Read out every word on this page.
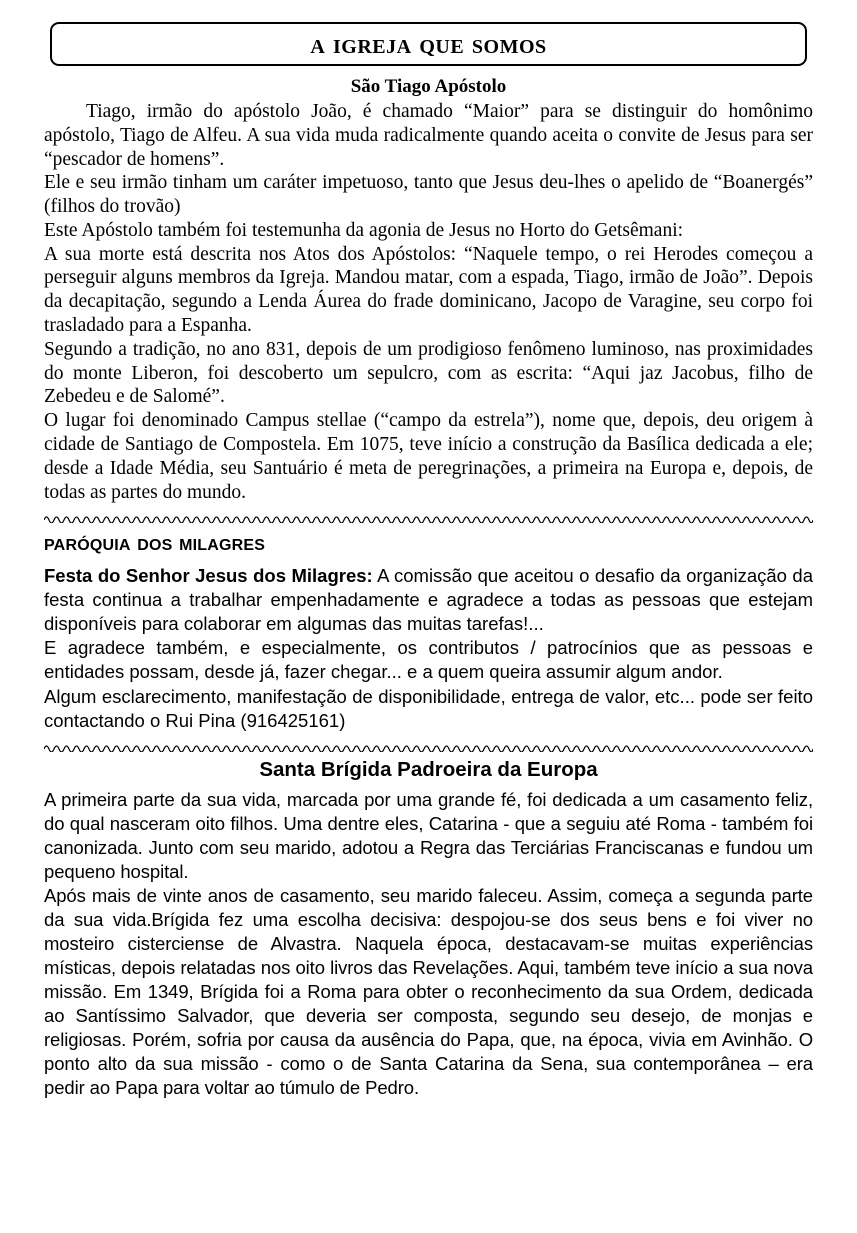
a igreja que somos
São Tiago Apóstolo

Tiago, irmão do apóstolo João, é chamado “Maior” para se distinguir do homônimo apóstolo, Tiago de Alfeu. A sua vida muda radicalmente quando aceita o convite de Jesus para ser “pescador de homens”.

Ele e seu irmão tinham um caráter impetuoso, tanto que Jesus deu-lhes o apelido de “Boanergés” (filhos do trovão)

Este Apóstolo também foi testemunha da agonia de Jesus no Horto do Getsêmani:

A sua morte está descrita nos Atos dos Apóstolos: “Naquele tempo, o rei Herodes começou a perseguir alguns membros da Igreja. Mandou matar, com a espada, Tiago, irmão de João”. Depois da decapitação, segundo a Lenda Áurea do frade dominicano, Jacopo de Varagine, seu corpo foi trasladado para a Espanha.

Segundo a tradição, no ano 831, depois de um prodigioso fenômeno luminoso, nas proximidades do monte Liberon, foi descoberto um sepulcro, com as escrita: “Aqui jaz Jacobus, filho de Zebedeu e de Salomé”.

O lugar foi denominado Campus stellae (“campo da estrela”), nome que, depois, deu origem à cidade de Santiago de Compostela. Em 1075, teve início a construção da Basílica dedicada a ele; desde a Idade Média, seu Santuário é meta de peregrinações, a primeira na Europa e, depois, de todas as partes do mundo.

paróquia dos milagres

Festa do Senhor Jesus dos Milagres: A comissão que aceitou o desafio da organização da festa continua a trabalhar empenhadamente e agradece a todas as pessoas que estejam disponíveis para colaborar em algumas das muitas tarefas!...

E agradece também, e especialmente, os contributos / patrocínios que as pessoas e entidades possam, desde já, fazer chegar... e a quem queira assumir algum andor.

Algum esclarecimento, manifestação de disponibilidade, entrega de valor, etc... pode ser feito contactando o Rui Pina (916425161)

Santa Brígida Padroeira da Europa

A primeira parte da sua vida, marcada por uma grande fé, foi dedicada a um casamento feliz, do qual nasceram oito filhos. Uma dentre eles, Catarina - que a seguiu até Roma - também foi canonizada. Junto com seu marido, adotou a Regra das Terciárias Franciscanas e fundou um pequeno hospital.

Após mais de vinte anos de casamento, seu marido faleceu. Assim, começa a segunda parte da sua vida.Brígida fez uma escolha decisiva: despojou-se dos seus bens e foi viver no mosteiro cisterciense de Alvastra. Naquela época, destacavam-se muitas experiências místicas, depois relatadas nos oito livros das Revelações. Aqui, também teve início a sua nova missão. Em 1349, Brígida foi a Roma para obter o reconhecimento da sua Ordem, dedicada ao Santíssimo Salvador, que deveria ser composta, segundo seu desejo, de monjas e religiosas. Porém, sofria por causa da ausência do Papa, que, na época, vivia em Avinhão. O ponto alto da sua missão - como o de Santa Catarina da Sena, sua contemporânea – era pedir ao Papa para voltar ao túmulo de Pedro.
